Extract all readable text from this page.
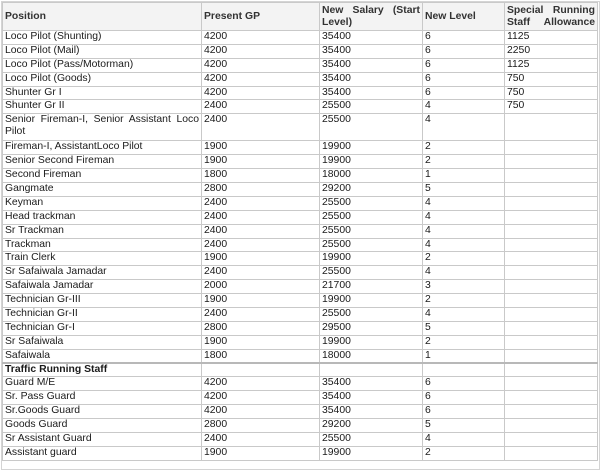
Position	Present GP	New Salary (Start Level)	New Level	Special Running Staff Allowance
Loco Pilot (Shunting)	4200	35400	6	1125
Loco Pilot (Mail)	4200	35400	6	2250
Loco Pilot (Pass/Motorman)	4200	35400	6	1125
Loco Pilot (Goods)	4200	35400	6	750
Shunter Gr I	4200	35400	6	750
Shunter Gr II	2400	25500	4	750
Senior Fireman-I, Senior Assistant Loco Pilot	2400	25500	4	
Fireman-I, AssistantLoco Pilot	1900	19900	2	
Senior Second Fireman	1900	19900	2	
Second Fireman	1800	18000	1	
Gangmate	2800	29200	5	
Keyman	2400	25500	4	
Head trackman	2400	25500	4	
Sr Trackman	2400	25500	4	
Trackman	2400	25500	4	
Train Clerk	1900	19900	2	
Sr Safaiwala Jamadar	2400	25500	4	
Safaiwala Jamadar	2000	21700	3	
Technician Gr-III	1900	19900	2	
Technician Gr-II	2400	25500	4	
Technician Gr-I	2800	29500	5	
Sr Safaiwala	1900	19900	2	
Safaiwala	1800	18000	1	
Traffic Running Staff				
Guard M/E	4200	35400	6	
Sr. Pass Guard	4200	35400	6	
Sr.Goods Guard	4200	35400	6	
Goods Guard	2800	29200	5	
Sr Assistant Guard	2400	25500	4	
Assistant guard	1900	19900	2	
